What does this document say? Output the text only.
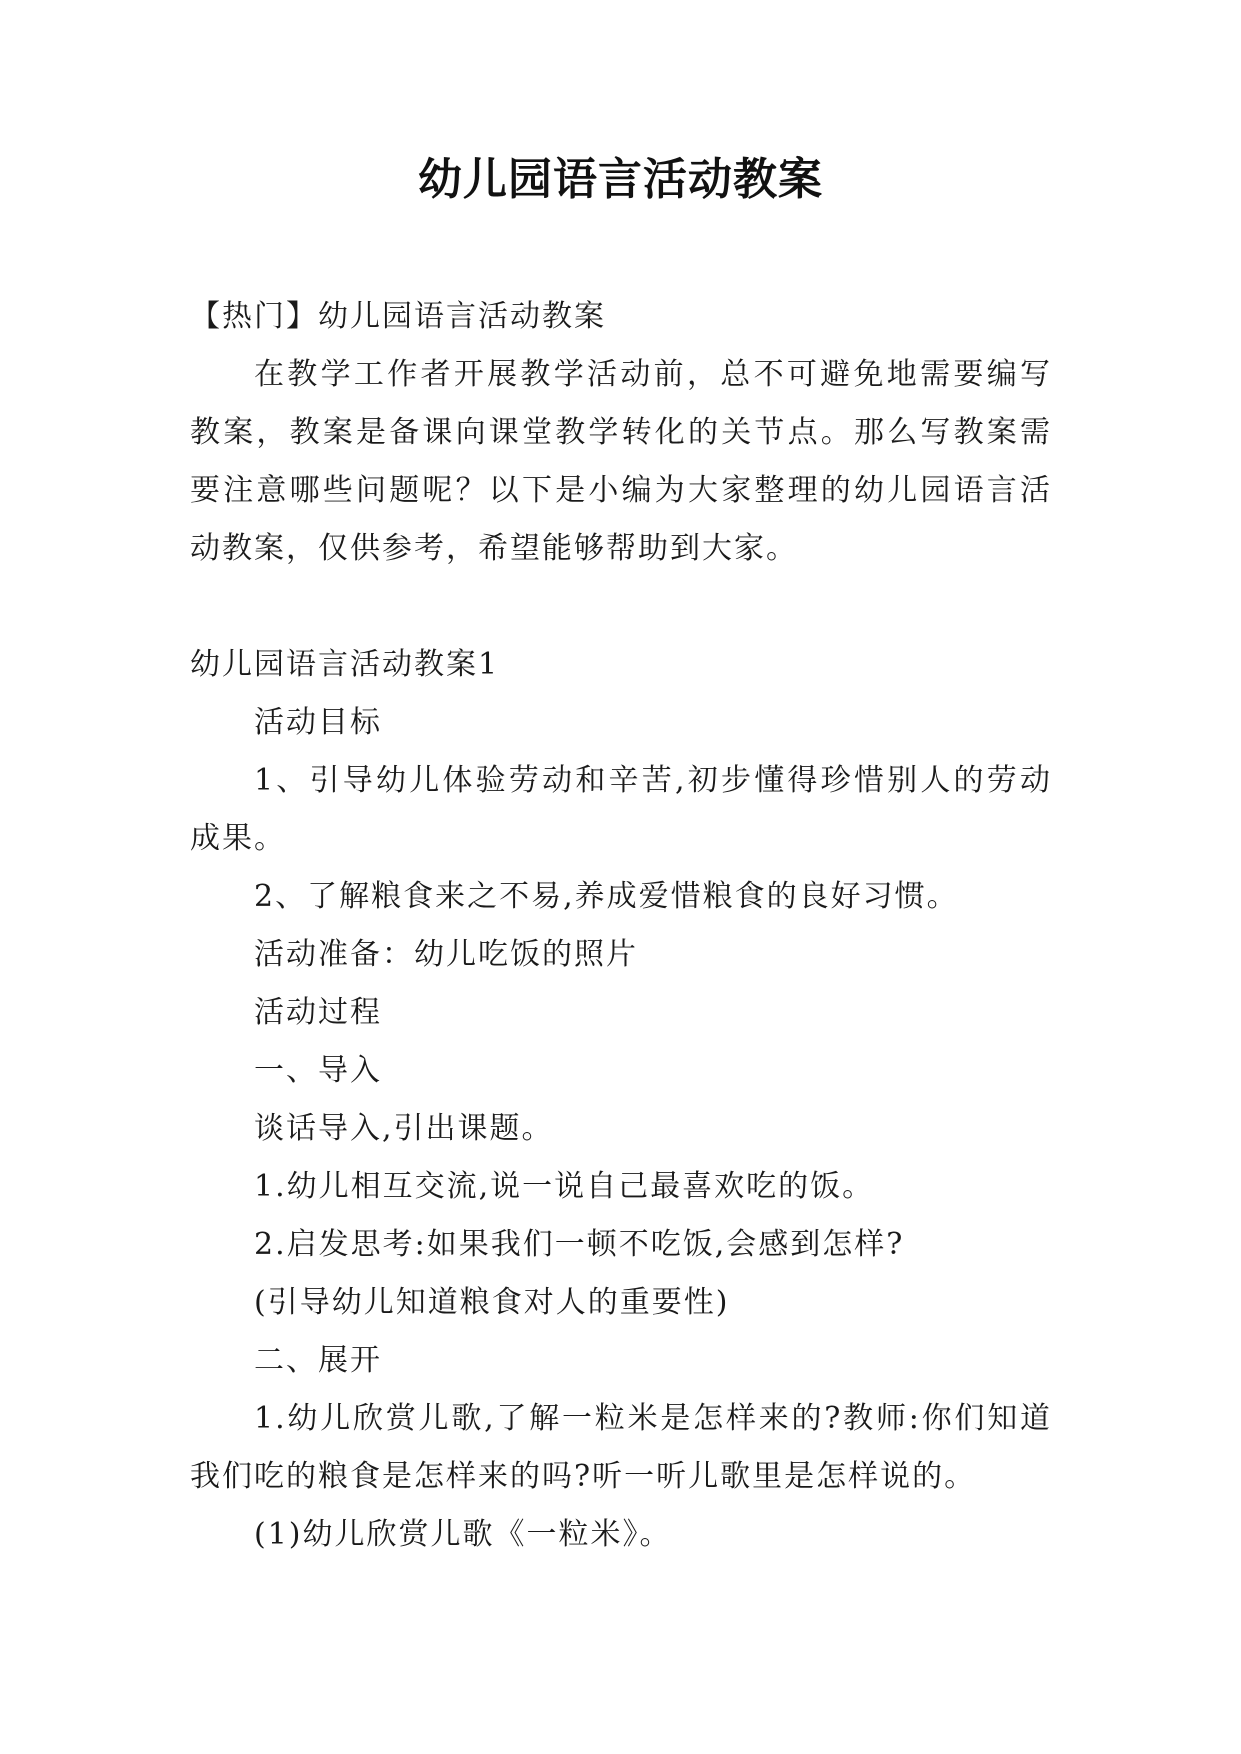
幼儿园语言活动教案

【热门】幼儿园语言活动教案

在教学工作者开展教学活动前，总不可避免地需要编写教案，教案是备课向课堂教学转化的关节点。那么写教案需要注意哪些问题呢？以下是小编为大家整理的幼儿园语言活动教案，仅供参考，希望能够帮助到大家。

幼儿园语言活动教案1

活动目标

1、引导幼儿体验劳动和辛苦,初步懂得珍惜别人的劳动成果。

2、了解粮食来之不易,养成爱惜粮食的良好习惯。

活动准备：幼儿吃饭的照片

活动过程

一、导入

谈话导入,引出课题。

1.幼儿相互交流,说一说自己最喜欢吃的饭。

2.启发思考:如果我们一顿不吃饭,会感到怎样?

(引导幼儿知道粮食对人的重要性)

二、展开

1.幼儿欣赏儿歌,了解一粒米是怎样来的?教师:你们知道我们吃的粮食是怎样来的吗?听一听儿歌里是怎样说的。

(1)幼儿欣赏儿歌《一粒米》。
